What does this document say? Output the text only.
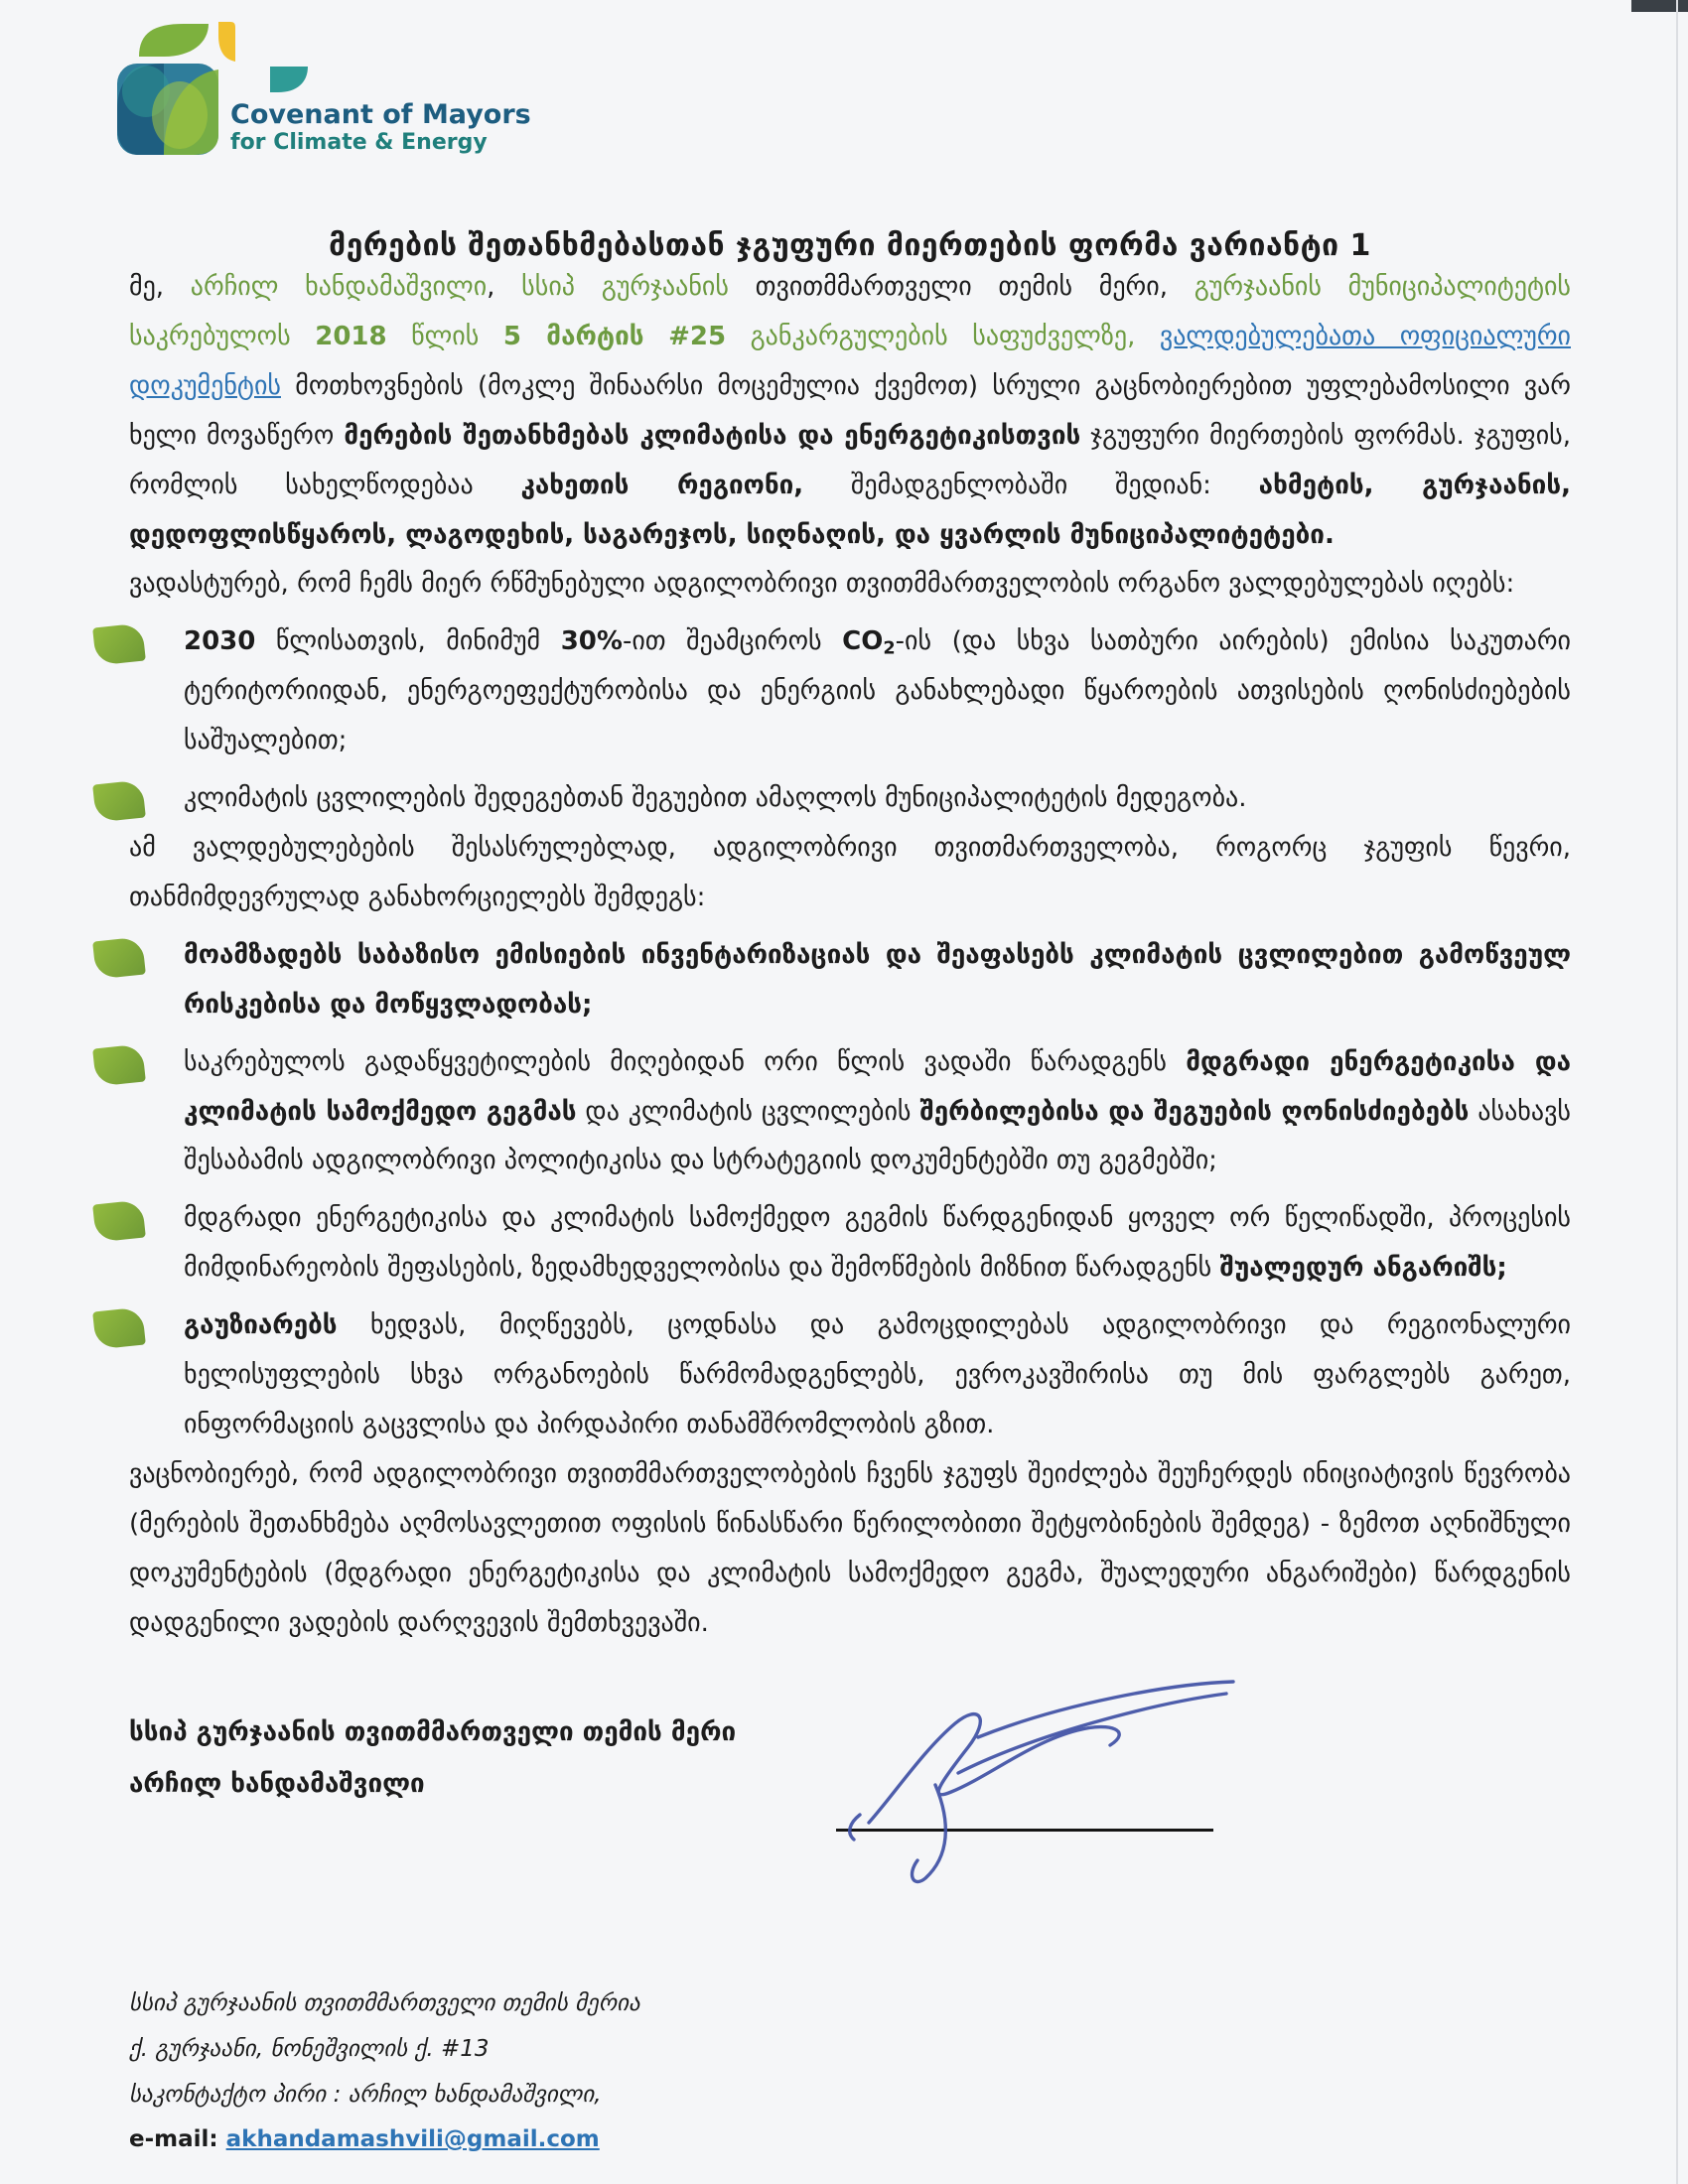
Covenant of Mayors
for Climate & Energy
მერების შეთანხმებასთან ჯგუფური მიერთების ფორმა ვარიანტი 1

მე, არჩილ ხანდამაშვილი, სსიპ გურჯაანის თვითმმართველი თემის მერი, გურჯაანის მუნიციპალიტეტის საკრებულოს 2018 წლის 5 მარტის #25 განკარგულების საფუძველზე, ვალდებულებათა ოფიციალური დოკუმენტის მოთხოვნების (მოკლე შინაარსი მოცემულია ქვემოთ) სრული გაცნობიერებით უფლებამოსილი ვარ ხელი მოვაწერო მერების შეთანხმებას კლიმატისა და ენერგეტიკისთვის ჯგუფური მიერთების ფორმას. ჯგუფის, რომლის სახელწოდებაა კახეთის რეგიონი, შემადგენლობაში შედიან: ახმეტის, გურჯაანის, დედოფლისწყაროს, ლაგოდეხის, საგარეჯოს, სიღნაღის, და ყვარლის მუნიციპალიტეტები.

ვადასტურებ, რომ ჩემს მიერ რწმუნებული ადგილობრივი თვითმმართველობის ორგანო ვალდებულებას იღებს:

2030 წლისათვის, მინიმუმ 30%-ით შეამციროს CO2-ის (და სხვა სათბური აირების) ემისია საკუთარი ტერიტორიიდან, ენერგოეფექტურობისა და ენერგიის განახლებადი წყაროების ათვისების ღონისძიებების საშუალებით;
კლიმატის ცვლილების შედეგებთან შეგუებით ამაღლოს მუნიციპალიტეტის მედეგობა.

ამ ვალდებულებების შესასრულებლად, ადგილობრივი თვითმართველობა, როგორც ჯგუფის წევრი, თანმიმდევრულად განახორციელებს შემდეგს:

მოამზადებს საბაზისო ემისიების ინვენტარიზაციას და შეაფასებს კლიმატის ცვლილებით გამოწვეულ რისკებისა და მოწყვლადობას;
საკრებულოს გადაწყვეტილების მიღებიდან ორი წლის ვადაში წარადგენს მდგრადი ენერგეტიკისა და კლიმატის სამოქმედო გეგმას და კლიმატის ცვლილების შერბილებისა და შეგუების ღონისძიებებს ასახავს შესაბამის ადგილობრივი პოლიტიკისა და სტრატეგიის დოკუმენტებში თუ გეგმებში;
მდგრადი ენერგეტიკისა და კლიმატის სამოქმედო გეგმის წარდგენიდან ყოველ ორ წელიწადში, პროცესის მიმდინარეობის შეფასების, ზედამხედველობისა და შემოწმების მიზნით წარადგენს შუალედურ ანგარიშს;
გაუზიარებს ხედვას, მიღწევებს, ცოდნასა და გამოცდილებას ადგილობრივი და რეგიონალური ხელისუფლების სხვა ორგანოების წარმომადგენლებს, ევროკავშირისა თუ მის ფარგლებს გარეთ, ინფორმაციის გაცვლისა და პირდაპირი თანამშრომლობის გზით.

ვაცნობიერებ, რომ ადგილობრივი თვითმმართველობების ჩვენს ჯგუფს შეიძლება შეუჩერდეს ინიციატივის წევრობა (მერების შეთანხმება აღმოსავლეთით ოფისის წინასწარი წერილობითი შეტყობინების შემდეგ) - ზემოთ აღნიშნული დოკუმენტების (მდგრადი ენერგეტიკისა და კლიმატის სამოქმედო გეგმა, შუალედური ანგარიშები) წარდგენის დადგენილი ვადების დარღვევის შემთხვევაში.

სსიპ გურჯაანის თვითმმართველი თემის მერი
არჩილ ხანდამაშვილი
სსიპ გურჯაანის თვითმმართველი თემის მერია
ქ. გურჯაანი, ნონეშვილის ქ. #13
საკონტაქტო პირი : არჩილ ხანდამაშვილი,
e-mail: akhandamashvili@gmail.com
